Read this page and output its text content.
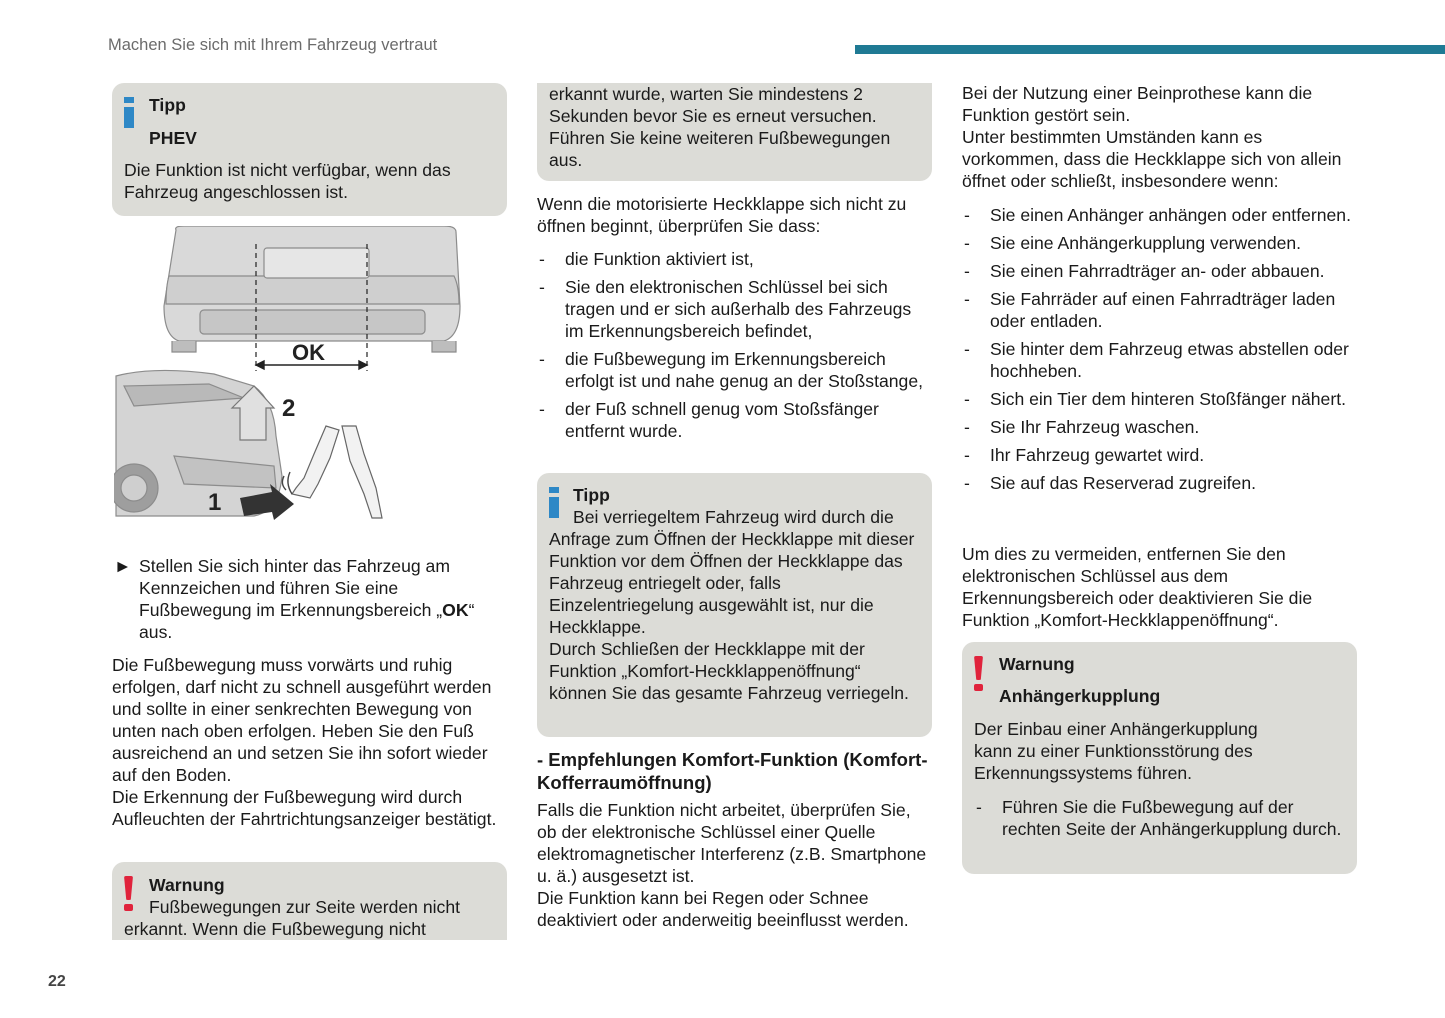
Machen Sie sich mit Ihrem Fahrzeug vertraut
Tipp
PHEV

Die Funktion ist nicht verfügbar, wenn das Fahrzeug angeschlossen ist.

OK
2
1
► Stellen Sie sich hinter das Fahrzeug am Kennzeichen und führen Sie eine Fußbewegung im Erkennungsbereich „OK“ aus.

Die Fußbewegung muss vorwärts und ruhig erfolgen, darf nicht zu schnell ausgeführt werden und sollte in einer senkrechten Bewegung von unten nach oben erfolgen. Heben Sie den Fuß ausreichend an und setzen Sie ihn sofort wieder auf den Boden.

Die Erkennung der Fußbewegung wird durch Aufleuchten der Fahrtrichtungsanzeiger bestätigt.

Warnung

Fußbewegungen zur Seite werden nicht erkannt. Wenn die Fußbewegung nicht

erkannt wurde, warten Sie mindestens 2 Sekunden bevor Sie es erneut versuchen. Führen Sie keine weiteren Fußbewegungen aus.

Wenn die motorisierte Heckklappe sich nicht zu öffnen beginnt, überprüfen Sie dass:

- die Funktion aktiviert ist,
- Sie den elektronischen Schlüssel bei sich tragen und er sich außerhalb des Fahrzeugs im Erkennungsbereich befindet,
- die Fußbewegung im Erkennungsbereich erfolgt ist und nahe genug an der Stoßstange,
- der Fuß schnell genug vom Stoßsfänger entfernt wurde.
Tipp

Bei verriegeltem Fahrzeug wird durch die Anfrage zum Öffnen der Heckklappe mit dieser Funktion vor dem Öffnen der Heckklappe das Fahrzeug entriegelt oder, falls Einzelentriegelung ausgewählt ist, nur die Heckklappe.

Durch Schließen der Heckklappe mit der Funktion „Komfort-Heckklappenöffnung“ können Sie das gesamte Fahrzeug verriegeln.

- Empfehlungen Komfort-Funktion (Komfort-Kofferraumöffnung)

Falls die Funktion nicht arbeitet, überprüfen Sie, ob der elektronische Schlüssel einer Quelle elektromagnetischer Interferenz (z.B. Smartphone u. ä.) ausgesetzt ist.

Die Funktion kann bei Regen oder Schnee deaktiviert oder anderweitig beeinflusst werden.

Bei der Nutzung einer Beinprothese kann die Funktion gestört sein.

Unter bestimmten Umständen kann es vorkommen, dass die Heckklappe sich von allein öffnet oder schließt, insbesondere wenn:

- Sie einen Anhänger anhängen oder entfernen.
- Sie eine Anhängerkupplung verwenden.
- Sie einen Fahrradträger an- oder abbauen.
- Sie Fahrräder auf einen Fahrradträger laden oder entladen.
- Sie hinter dem Fahrzeug etwas abstellen oder hochheben.
- Sich ein Tier dem hinteren Stoßfänger nähert.
- Sie Ihr Fahrzeug waschen.
- Ihr Fahrzeug gewartet wird.
- Sie auf das Reserverad zugreifen.

Um dies zu vermeiden, entfernen Sie den elektronischen Schlüssel aus dem Erkennungsbereich oder deaktivieren Sie die Funktion „Komfort-Heckklappenöffnung“.

Warnung
Anhängerkupplung

Der Einbau einer Anhängerkupplung kann zu einer Funktionsstörung des Erkennungssystems führen.

- Führen Sie die Fußbewegung auf der rechten Seite der Anhängerkupplung durch.
22
